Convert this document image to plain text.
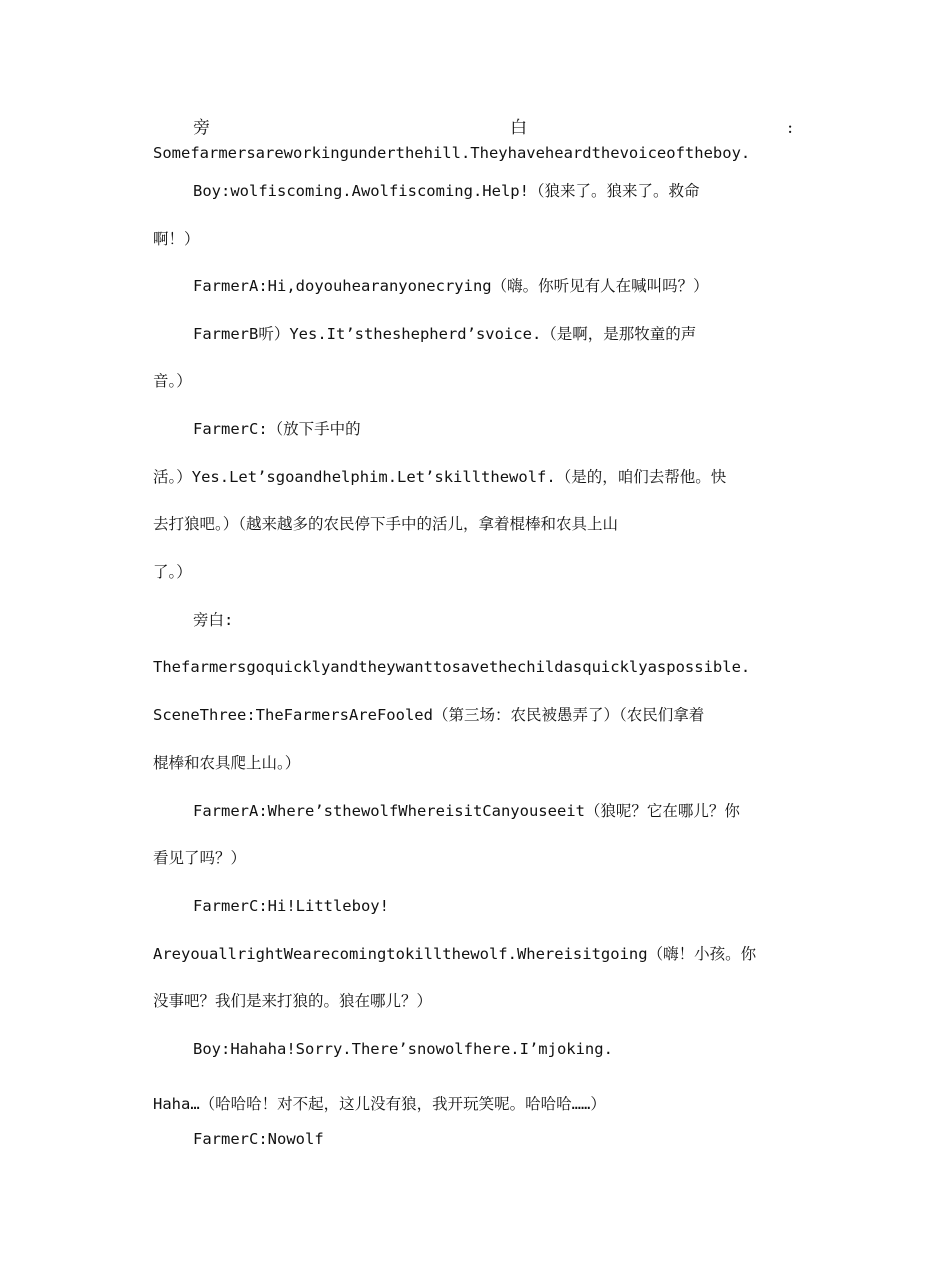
旁	白	:
Somefarmersareworkingunderthehill.Theyhaveheardthevoiceoftheboy.
Boy:wolfiscoming.Awolfiscoming.Help!（狼来了。狼来了。救命
啊！）
FarmerA:Hi,doyouhearanyonecrying（嗨。你听见有人在喊叫吗？）
FarmerB听）Yes.It’stheshepherd’svoice.（是啊，是那牧童的声
音。）
FarmerC:（放下手中的
活。）Yes.Let’sgoandhelphim.Let’skillthewolf.（是的，咱们去帮他。快
去打狼吧。）（越来越多的农民停下手中的活儿，拿着棍棒和农具上山
了。）
旁白:
Thefarmersgoquicklyandtheywanttosavethechildasquicklyaspossible.
SceneThree:TheFarmersAreFooled（第三场：农民被愚弄了）（农民们拿着
棍棒和农具爬上山。）
FarmerA:Where’sthewolfWhereisitCanyouseeit（狼呢？它在哪儿？你
看见了吗？）
FarmerC:Hi!Littleboy!
AreyouallrightWearecomingtokillthewolf.Whereisitgoing（嗨！小孩。你
没事吧？我们是来打狼的。狼在哪儿？）
Boy:Hahaha!Sorry.There’snowolfhere.I’mjoking.
Haha…（哈哈哈！对不起，这儿没有狼，我开玩笑呢。哈哈哈……）
FarmerC:Nowolf
